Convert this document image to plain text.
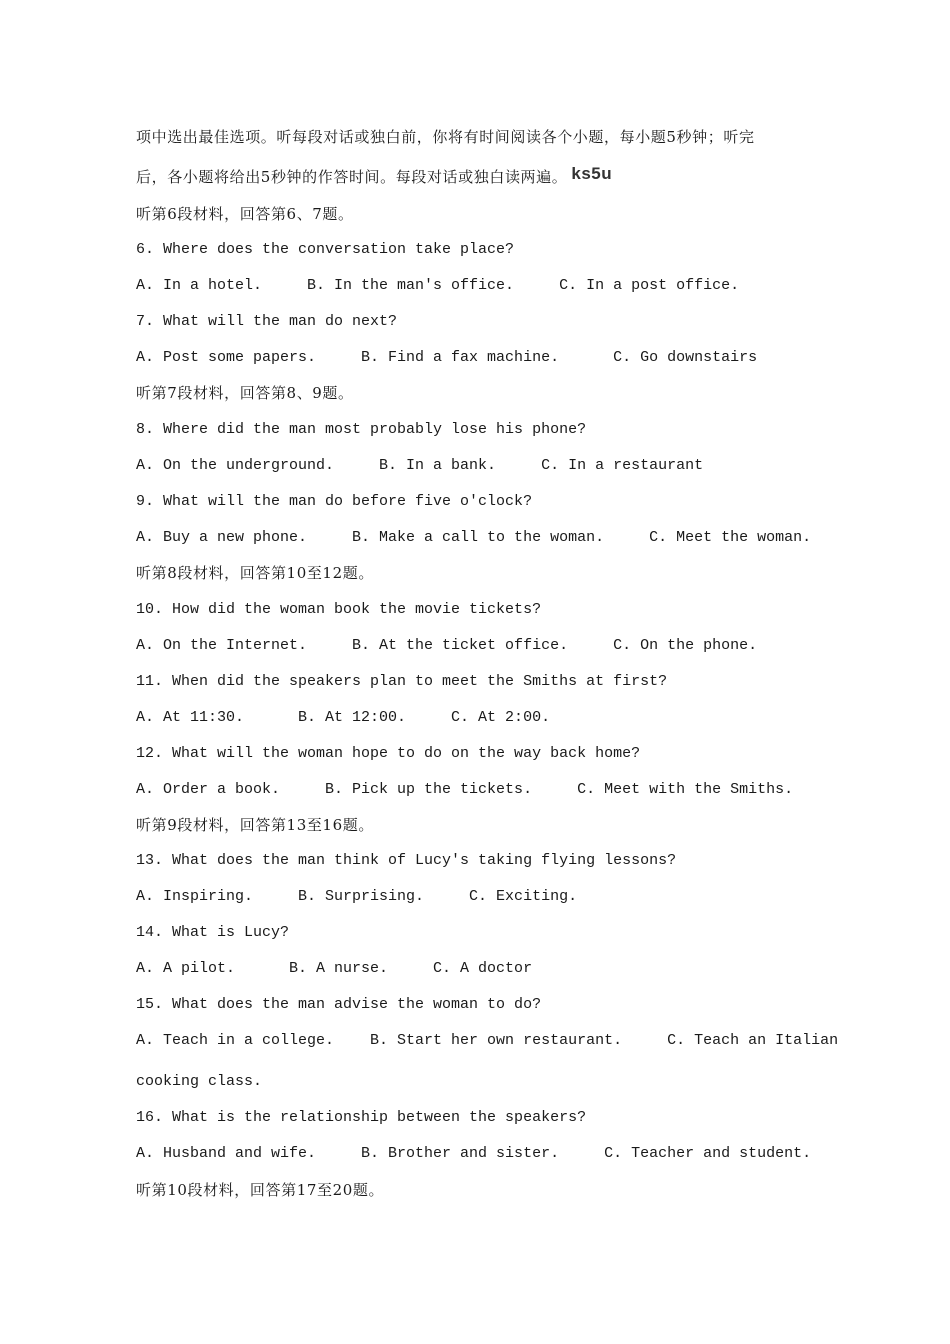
项中选出最佳选项。听每段对话或独白前，你将有时间阅读各个小题，每小题5秒钟；听完
后，各小题将给出5秒钟的作答时间。每段对话或独白读两遍。 ks5u
听第6段材料，回答第6、7题。
6. Where does the conversation take place?
A. In a hotel.     B. In the man's office.     C. In a post office.
7. What will the man do next?
A. Post some papers.     B. Find a fax machine.      C. Go downstairs
听第7段材料，回答第8、9题。
8. Where did the man most probably lose his phone?
A. On the underground.     B. In a bank.     C. In a restaurant
9. What will the man do before five o'clock?
A. Buy a new phone.     B. Make a call to the woman.     C. Meet the woman.
听第8段材料，回答第10至12题。
10. How did the woman book the movie tickets?
A. On the Internet.     B. At the ticket office.     C. On the phone.
11. When did the speakers plan to meet the Smiths at first?
A. At 11:30.      B. At 12:00.     C. At 2:00.
12. What will the woman hope to do on the way back home?
A. Order a book.     B. Pick up the tickets.     C. Meet with the Smiths.
听第9段材料，回答第13至16题。
13. What does the man think of Lucy's taking flying lessons?
A. Inspiring.     B. Surprising.     C. Exciting.
14. What is Lucy?
A. A pilot.      B. A nurse.     C. A doctor
15. What does the man advise the woman to do?
A. Teach in a college.    B. Start her own restaurant.     C. Teach an Italian
cooking class.
16. What is the relationship between the speakers?
A. Husband and wife.     B. Brother and sister.     C. Teacher and student.
听第10段材料，回答第17至20题。
